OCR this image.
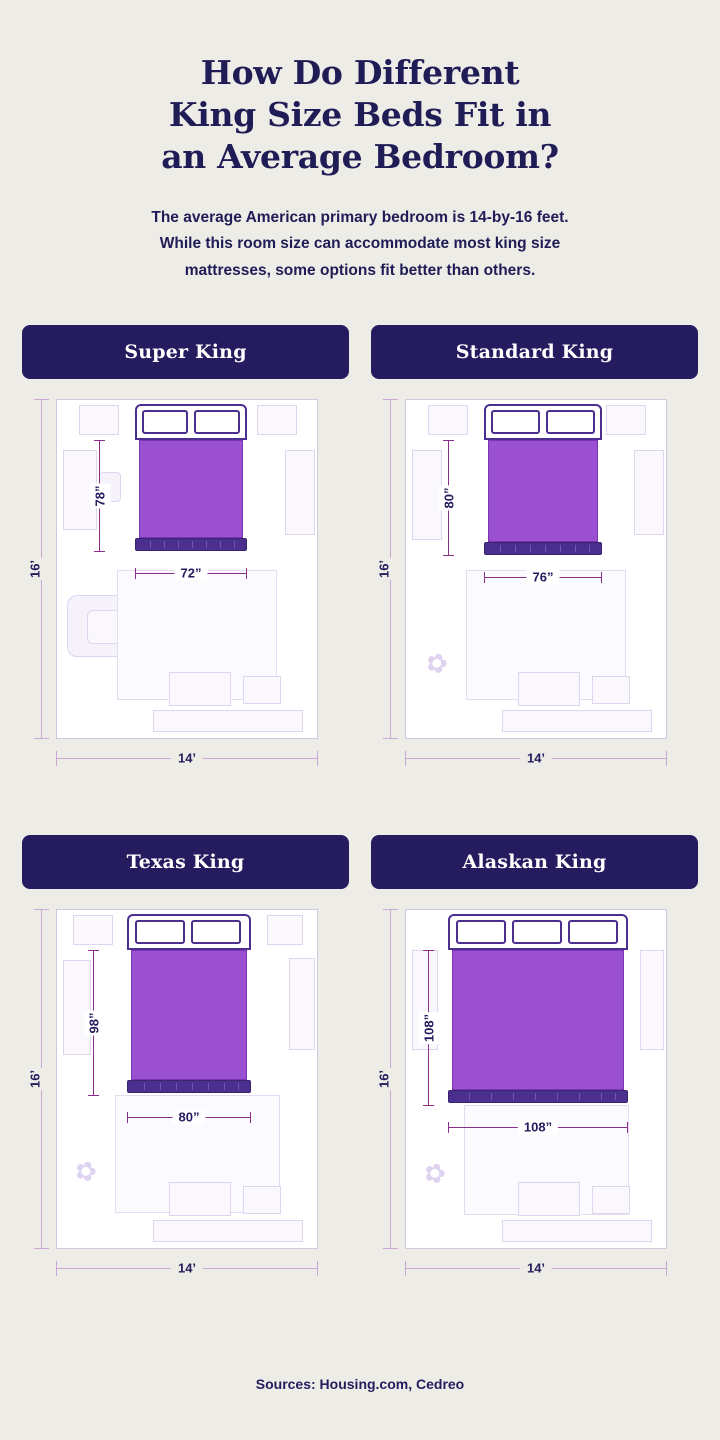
How Do Different
King Size Beds Fit in
an Average Bedroom?
The average American primary bedroom is 14-by-16 feet.
While this room size can accommodate most king size
mattresses, some options fit better than others.
Super King
16’
78”
72”
14’
Standard King
16’
✿
80”
76”
14’
Texas King
16’
✿
98”
80”
14’
Alaskan King
16’
✿
108”
108”
14’
Sources: Housing.com, Cedreo
